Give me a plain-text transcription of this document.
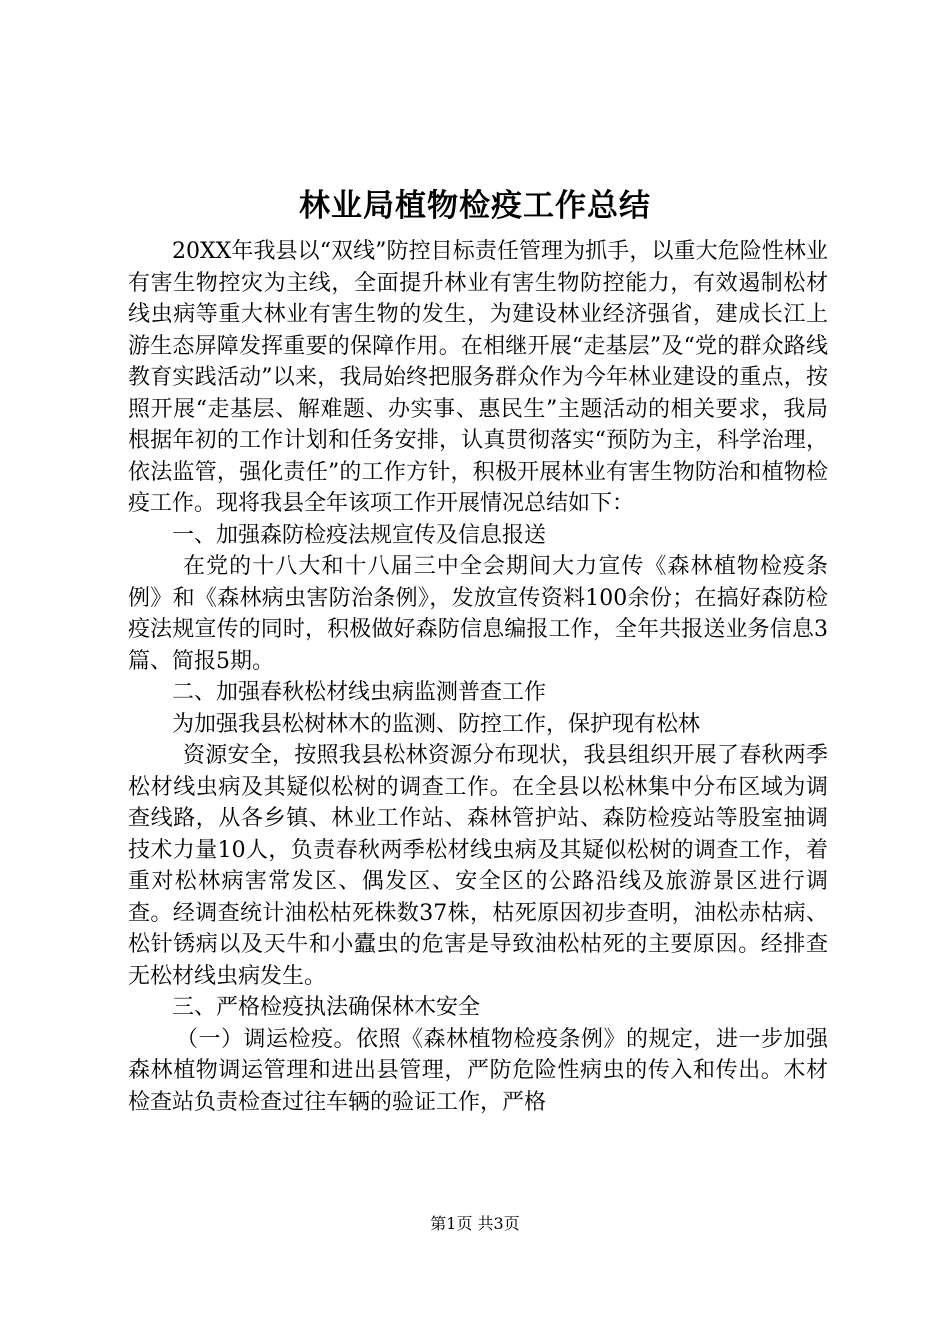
林业局植物检疫工作总结

20XX年我县以“双线”防控目标责任管理为抓手，以重大危险性林业有害生物控灾为主线，全面提升林业有害生物防控能力，有效遏制松材线虫病等重大林业有害生物的发生，为建设林业经济强省，建成长江上游生态屏障发挥重要的保障作用。在相继开展“走基层”及“党的群众路线教育实践活动”以来，我局始终把服务群众作为今年林业建设的重点，按照开展“走基层、解难题、办实事、惠民生”主题活动的相关要求，我局根据年初的工作计划和任务安排，认真贯彻落实“预防为主，科学治理，依法监管，强化责任”的工作方针，积极开展林业有害生物防治和植物检疫工作。现将我县全年该项工作开展情况总结如下：

一、加强森防检疫法规宣传及信息报送

在党的十八大和十八届三中全会期间大力宣传《森林植物检疫条例》和《森林病虫害防治条例》，发放宣传资料100余份；在搞好森防检疫法规宣传的同时，积极做好森防信息编报工作，全年共报送业务信息3篇、简报5期。

二、加强春秋松材线虫病监测普查工作

为加强我县松树林木的监测、防控工作，保护现有松林

资源安全，按照我县松林资源分布现状，我县组织开展了春秋两季松材线虫病及其疑似松树的调查工作。在全县以松林集中分布区域为调查线路，从各乡镇、林业工作站、森林管护站、森防检疫站等股室抽调技术力量10人，负责春秋两季松材线虫病及其疑似松树的调查工作，着重对松林病害常发区、偶发区、安全区的公路沿线及旅游景区进行调查。经调查统计油松枯死株数37株，枯死原因初步查明，油松赤枯病、松针锈病以及天牛和小蠹虫的危害是导致油松枯死的主要原因。经排查无松材线虫病发生。

三、严格检疫执法确保林木安全

（一）调运检疫。依照《森林植物检疫条例》的规定，进一步加强森林植物调运管理和进出县管理，严防危险性病虫的传入和传出。木材检查站负责检查过往车辆的验证工作，严格

第1页 共3页
